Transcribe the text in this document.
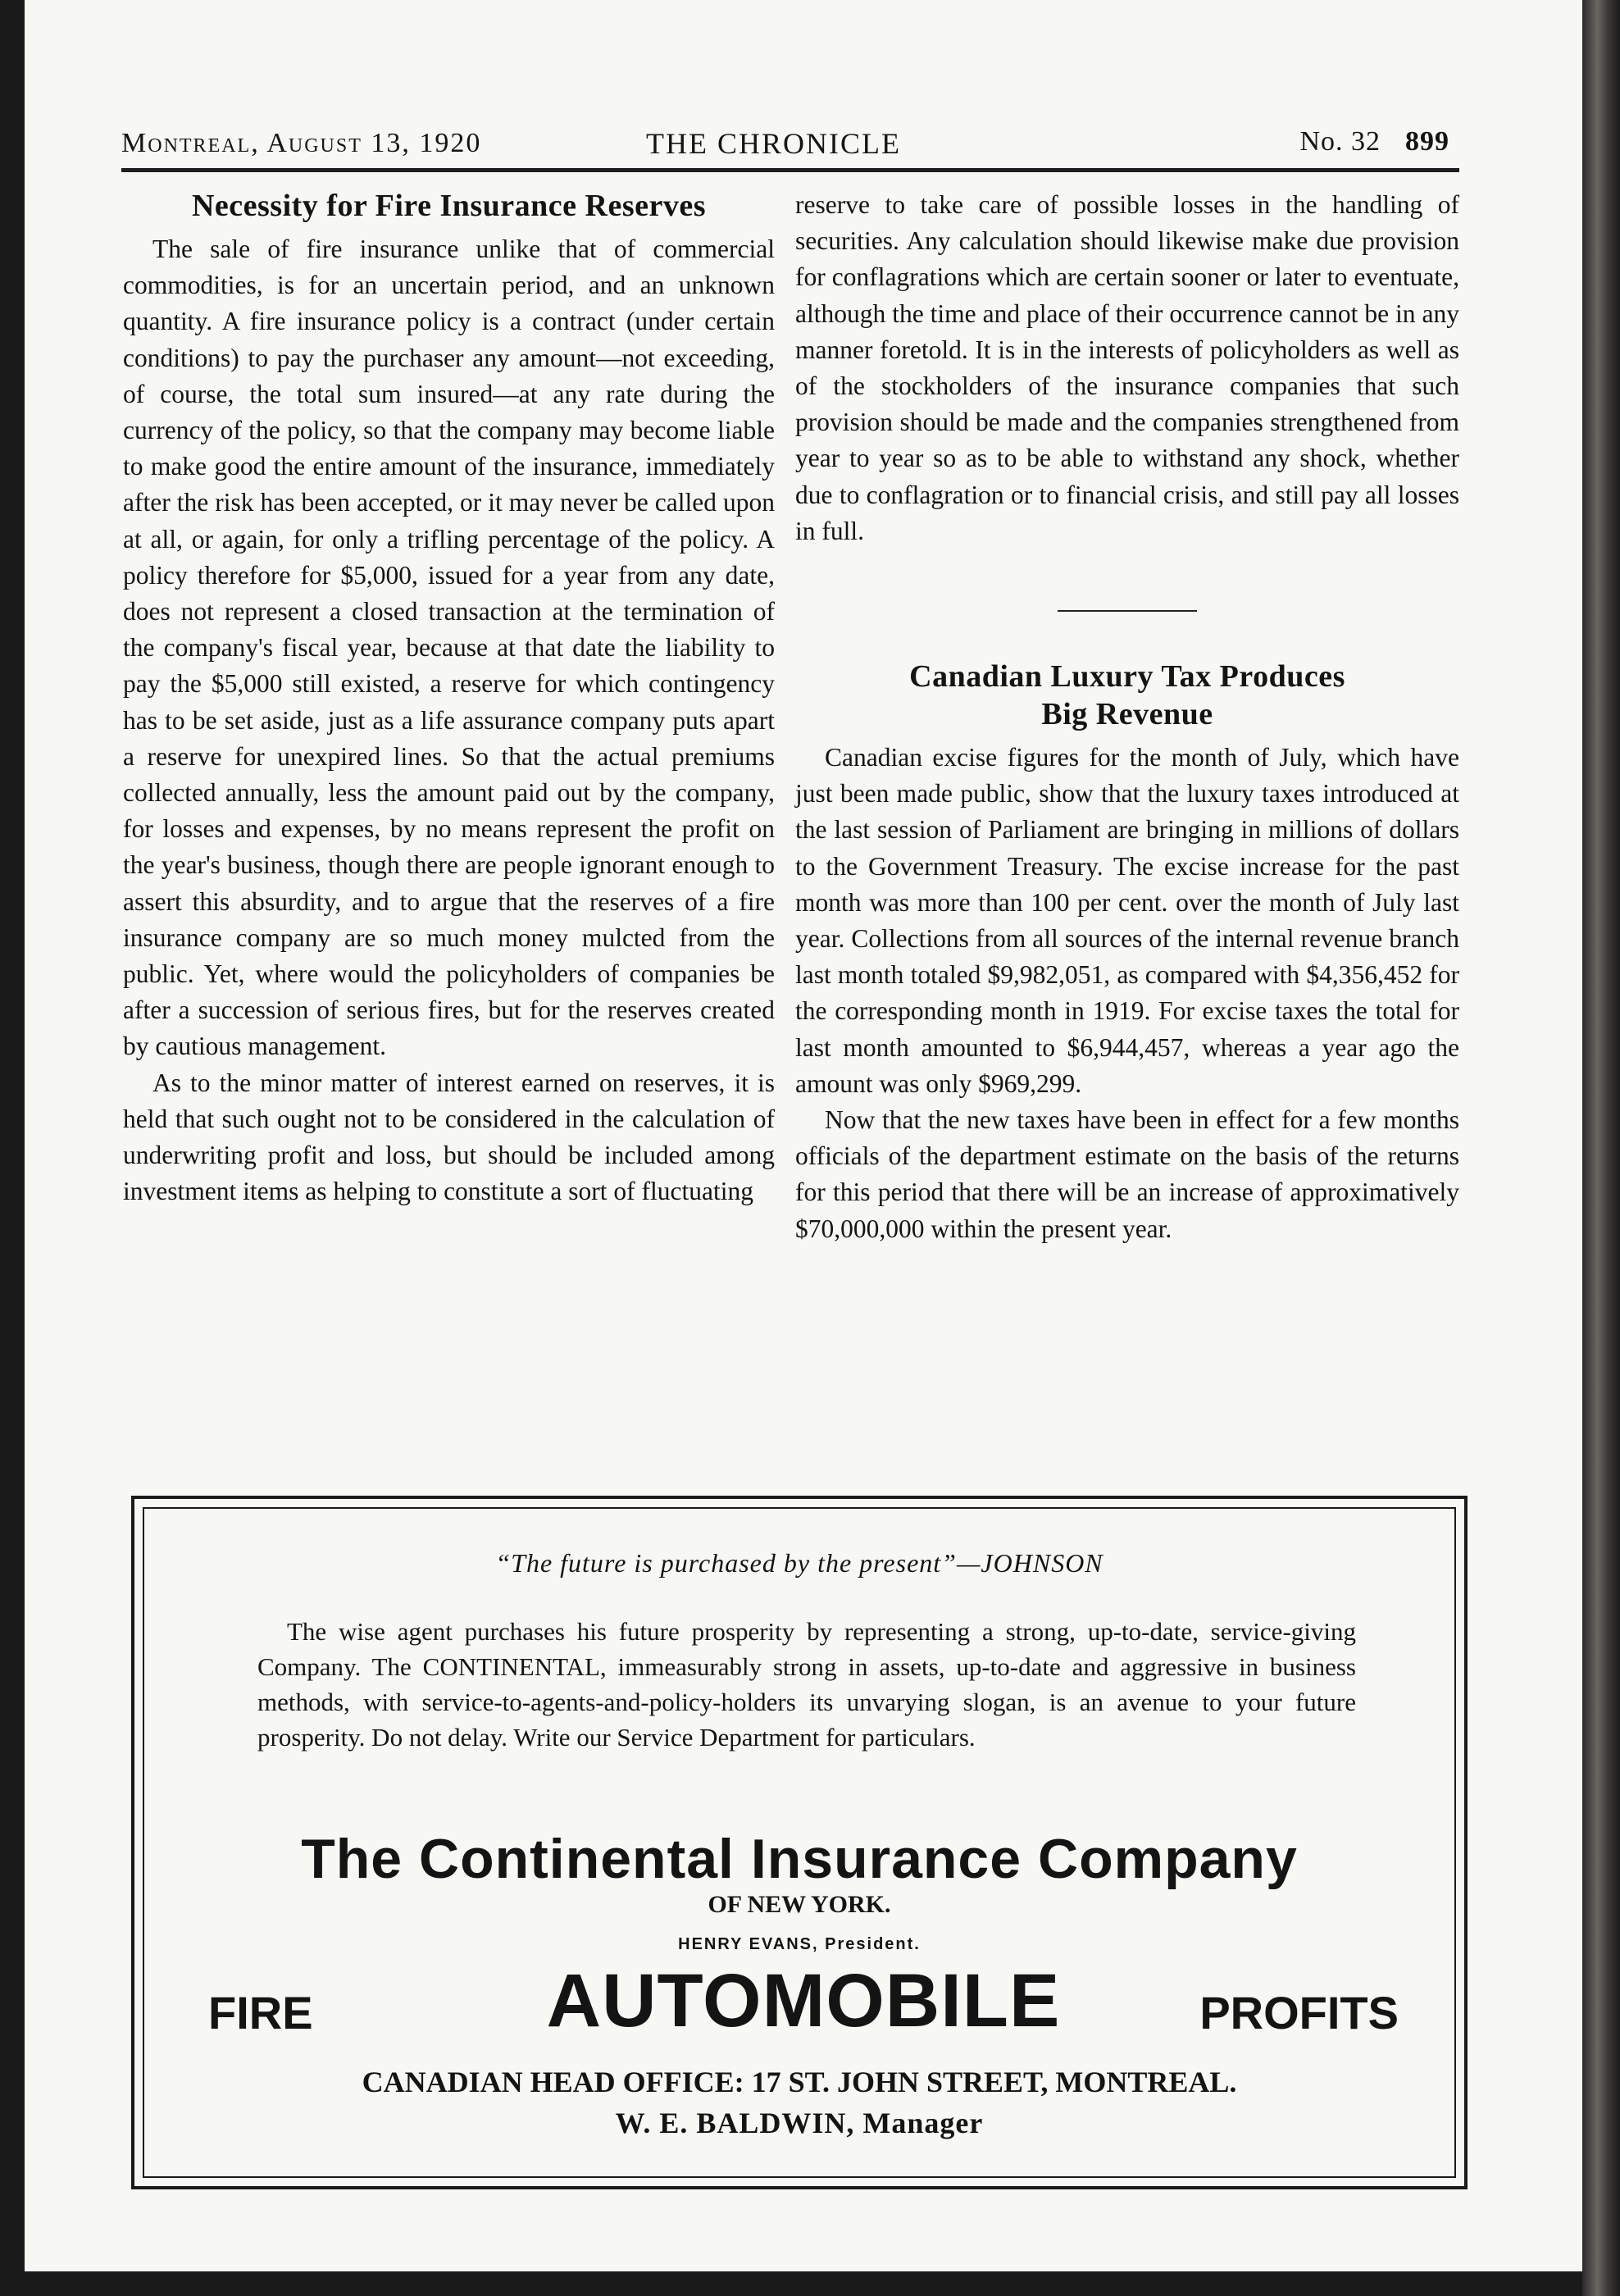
Montreal, August 13, 1920	THE CHRONICLE	No. 32 899
Necessity for Fire Insurance Reserves

The sale of fire insurance unlike that of commercial commodities, is for an uncertain period, and an unknown quantity. A fire insurance policy is a contract (under certain conditions) to pay the purchaser any amount—not exceeding, of course, the total sum insured—at any rate during the currency of the policy, so that the company may become liable to make good the entire amount of the insurance, immediately after the risk has been accepted, or it may never be called upon at all, or again, for only a trifling percentage of the policy. A policy therefore for $5,000, issued for a year from any date, does not represent a closed transaction at the termination of the company's fiscal year, because at that date the liability to pay the $5,000 still existed, a reserve for which contingency has to be set aside, just as a life assurance company puts apart a reserve for unexpired lines. So that the actual premiums collected annually, less the amount paid out by the company, for losses and expenses, by no means represent the profit on the year's business, though there are people ignorant enough to assert this absurdity, and to argue that the reserves of a fire insurance company are so much money mulcted from the public. Yet, where would the policyholders of companies be after a succession of serious fires, but for the reserves created by cautious management.

As to the minor matter of interest earned on reserves, it is held that such ought not to be considered in the calculation of underwriting profit and loss, but should be included among investment items as helping to constitute a sort of fluctuating

reserve to take care of possible losses in the handling of securities. Any calculation should likewise make due provision for conflagrations which are certain sooner or later to eventuate, although the time and place of their occurrence cannot be in any manner foretold. It is in the interests of policyholders as well as of the stockholders of the insurance companies that such provision should be made and the companies strengthened from year to year so as to be able to withstand any shock, whether due to conflagration or to financial crisis, and still pay all losses in full.

Canadian Luxury Tax Produces
Big Revenue

Canadian excise figures for the month of July, which have just been made public, show that the luxury taxes introduced at the last session of Parliament are bringing in millions of dollars to the Government Treasury. The excise increase for the past month was more than 100 per cent. over the month of July last year. Collections from all sources of the internal revenue branch last month totaled $9,982,051, as compared with $4,356,452 for the corresponding month in 1919. For excise taxes the total for last month amounted to $6,944,457, whereas a year ago the amount was only $969,299.

Now that the new taxes have been in effect for a few months officials of the department estimate on the basis of the returns for this period that there will be an increase of approximatively $70,000,000 within the present year.

“The future is purchased by the present”—JOHNSON
The wise agent purchases his future prosperity by representing a strong, up-to-date, service-giving Company. The CONTINENTAL, immeasurably strong in assets, up-to-date and aggressive in business methods, with service-to-agents-and-policy-holders its unvarying slogan, is an avenue to your future prosperity. Do not delay. Write our Service Department for particulars.
The Continental Insurance Company
OF NEW YORK.
HENRY EVANS, President.
FIRE	AUTOMOBILE	PROFITS
CANADIAN HEAD OFFICE: 17 ST. JOHN STREET, MONTREAL.
W. E. BALDWIN, Manager
